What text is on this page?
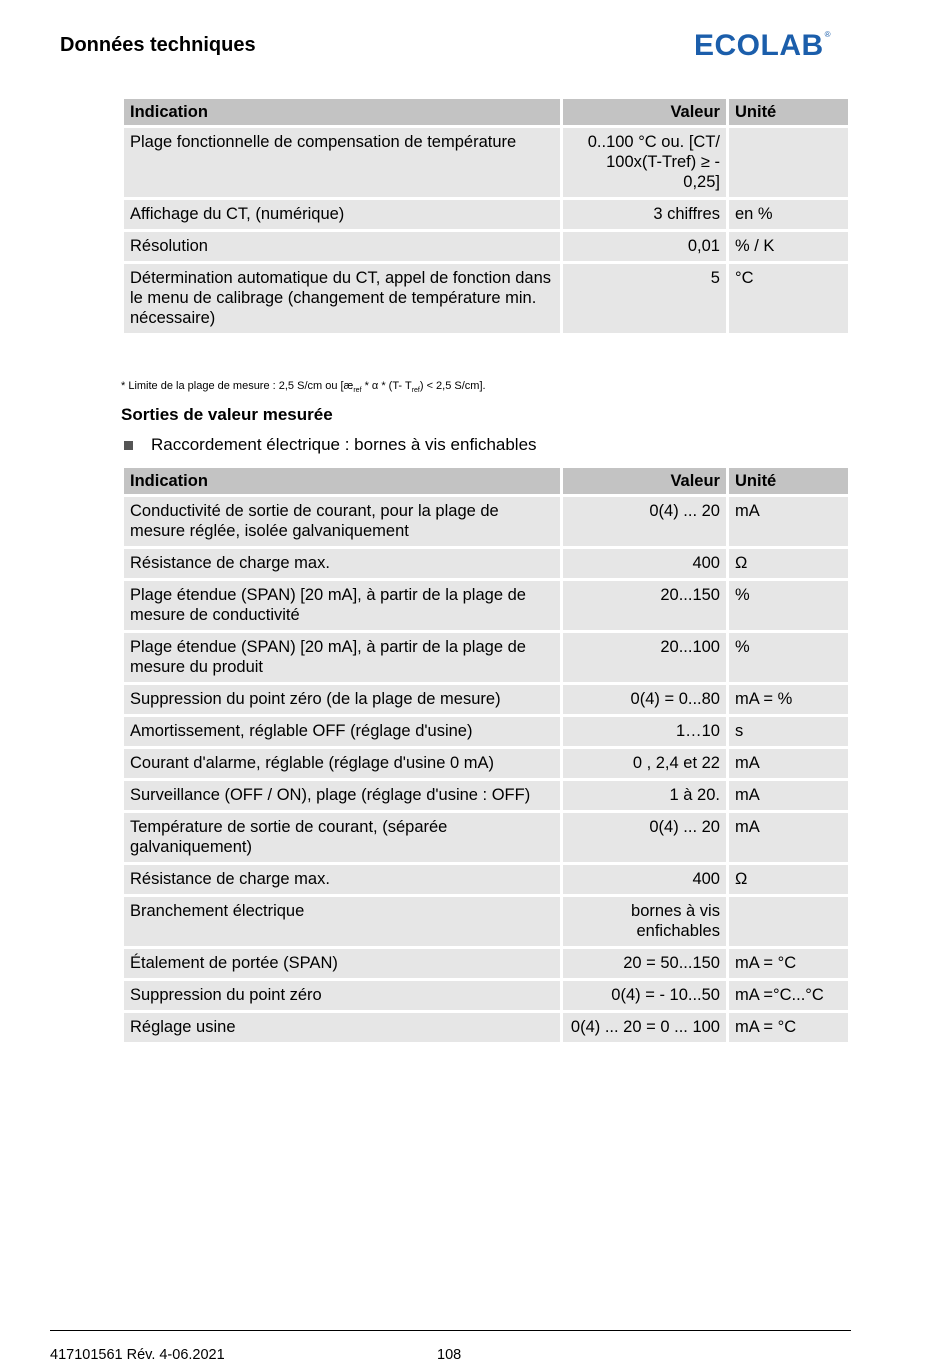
Données techniques	ECOLAB ®
Indication	Valeur	Unité
Plage fonctionnelle de compensation de température	0..100 °C ou. [CT/ 100x(T-Tref) ≥ - 0,25]	
Affichage du CT, (numérique)	3 chiffres	en %
Résolution	0,01	% / K
Détermination automatique du CT, appel de fonction dans le menu de calibrage (changement de température min. nécessaire)	5	°C
* Limite de la plage de mesure : 2,5 S/cm ou [$æ_{ref}$ * α * (T- $T_{ref}) < 2,5$ S/cm].
Sorties de valeur mesurée
Raccordement électrique : bornes à vis enfichables
Indication	Valeur	Unité
Conductivité de sortie de courant, pour la plage de mesure réglée, isolée galvaniquement	0(4) ... 20	mA
Résistance de charge max.	400	Ω
Plage étendue (SPAN) [20 mA], à partir de la plage de mesure de conductivité	20...150	%
Plage étendue (SPAN) [20 mA], à partir de la plage de mesure du produit	20...100	%
Suppression du point zéro (de la plage de mesure)	0(4) = 0...80	mA = %
Amortissement, réglable OFF (réglage d'usine)	1…10	s
Courant d'alarme, réglable (réglage d'usine 0 mA)	0 , 2,4 et 22	mA
Surveillance (OFF / ON), plage (réglage d'usine : OFF)	1 à 20.	mA
Température de sortie de courant, (séparée galvaniquement)	0(4) ... 20	mA
Résistance de charge max.	400	Ω
Branchement électrique	bornes à vis enfichables	
Étalement de portée (SPAN)	20 = 50...150	mA = °C
Suppression du point zéro	0(4) = - 10...50	mA =°C...°C
Réglage usine	0(4) ... 20 = 0 ... 100	mA = °C
417101561 Rév. 4-06.2021	108
